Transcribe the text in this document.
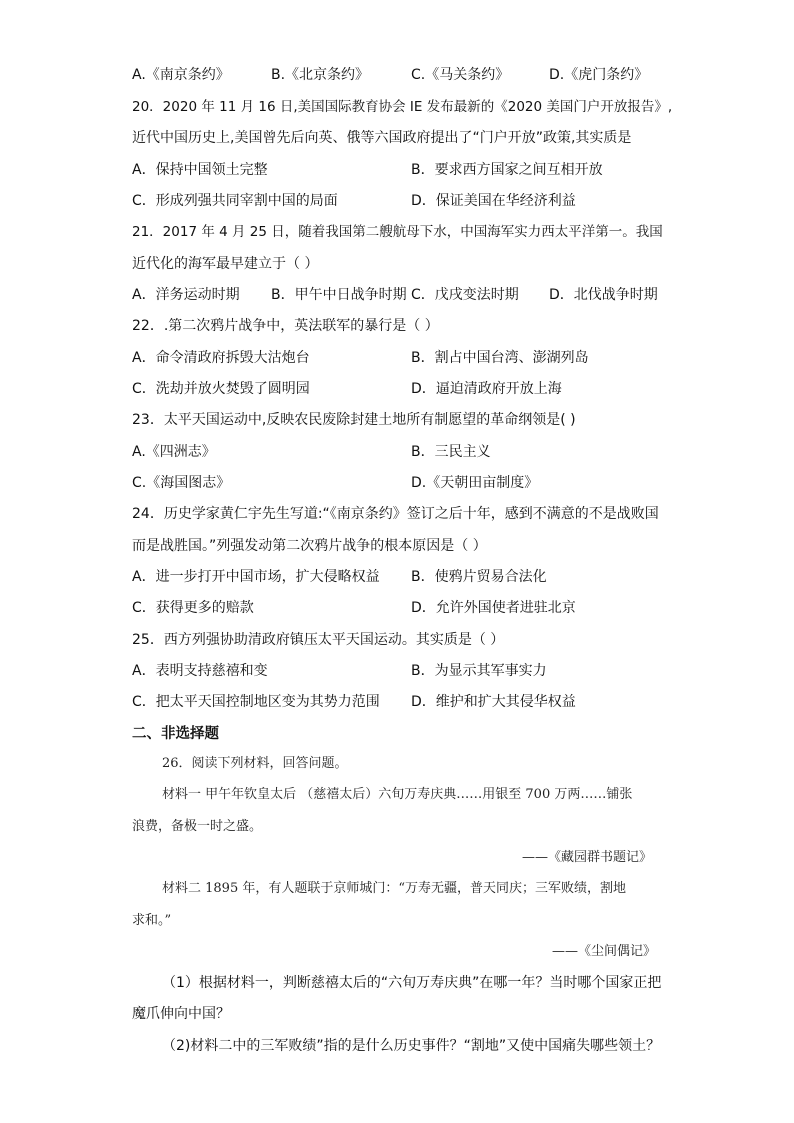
A.《南京条约》	B.《北京条约》	C.《马关条约》	D.《虎门条约》
20．2020 年 11 月 16 日,美国国际教育协会 IE 发布最新的《2020 美国门户开放报告》,
近代中国历史上,美国曾先后向英、俄等六国政府提出了“门户开放”政策,其实质是
A．保持中国领土完整	B．要求西方国家之间互相开放
C．形成列强共同宰割中国的局面	D．保证美国在华经济利益
21．2017 年 4 月 25 日，随着我国第二艘航母下水，中国海军实力西太平洋第一。我国
近代化的海军最早建立于（ ）
A．洋务运动时期 B．甲午中日战争时期 C．戊戌变法时期 D．北伐战争时期
22．.第二次鸦片战争中，英法联军的暴行是（ ）
A．命令清政府拆毁大沽炮台	B．割占中国台湾、澎湖列岛
C．洗劫并放火焚毁了圆明园	D．逼迫清政府开放上海
23．太平天国运动中,反映农民废除封建土地所有制愿望的革命纲领是( )
A.《四洲志》	B．三民主义
C.《海国图志》	D.《天朝田亩制度》
24．历史学家黄仁宇先生写道:“《南京条约》签订之后十年，感到不满意的不是战败国
而是战胜国。”列强发动第二次鸦片战争的根本原因是（ ）
A．进一步打开中国市场，扩大侵略权益 B．使鸦片贸易合法化
C．获得更多的赔款	D．允许外国使者进驻北京
25．西方列强协助清政府镇压太平天国运动。其实质是（ ）
A．表明支持慈禧和变	B．为显示其军事实力
C．把太平天国控制地区变为其势力范围 D．维护和扩大其侵华权益
二、非选择题
26．阅读下列材料，回答问题。
材料一 甲午年钦皇太后 （慈禧太后）六旬万寿庆典……用银至 700 万两……铺张
浪费，备极一时之盛。
——《藏园群书题记》
材料二 1895 年，有人题联于京师城门：“万寿无疆，普天同庆；三军败绩，割地
求和。”
——《尘间偶记》
（1）根据材料一，判断慈禧太后的“六旬万寿庆典”在哪一年？当时哪个国家正把
魔爪伸向中国？
（2)材料二中的三军败绩”指的是什么历史事件？“割地”又使中国痛失哪些领土？
